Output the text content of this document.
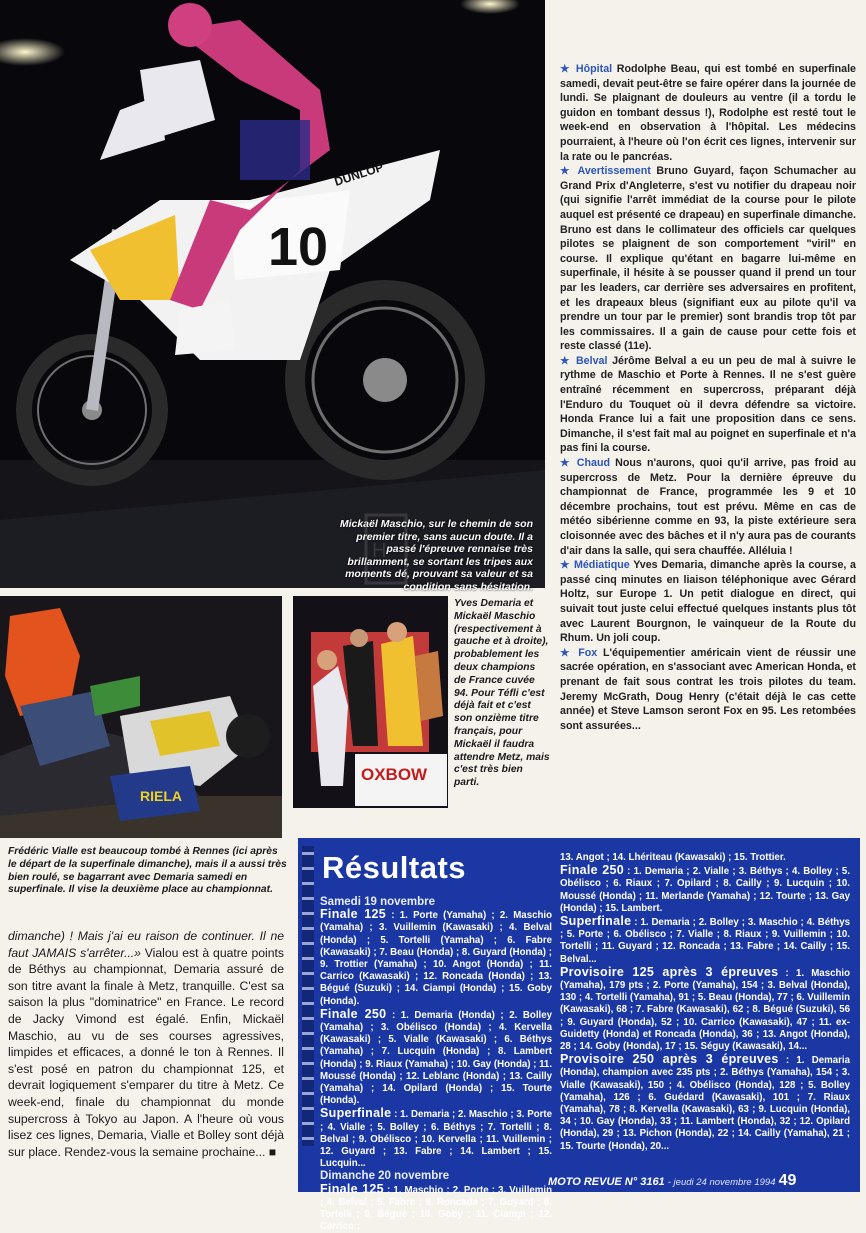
10
DUNLOP
Mickaël Maschio, sur le chemin de son premier titre, sans aucun doute. Il a passé l'épreuve rennaise très brillamment, se sortant les tripes aux moments dé, prouvant sa valeur et sa condition sans hésitation.
H
RIELA
OXBOW
Yves Demaria et Mickaël Maschio (respectivement à gauche et à droite), probablement les deux champions de France cuvée 94. Pour Téfli c'est déjà fait et c'est son onzième titre français, pour Mickaël il faudra attendre Metz, mais c'est très bien parti.
Frédéric Vialle est beaucoup tombé à Rennes (ici après le départ de la superfinale dimanche), mais il a aussi très bien roulé, se bagarrant avec Demaria samedi en superfinale. Il vise la deuxième place au championnat.

★ Hôpital Rodolphe Beau, qui est tombé en superfinale samedi, devait peut-être se faire opérer dans la journée de lundi. Se plaignant de douleurs au ventre (il a tordu le guidon en tombant dessus !), Rodolphe est resté tout le week-end en observation à l'hôpital. Les médecins pourraient, à l'heure où l'on écrit ces lignes, intervenir sur la rate ou le pancréas.

★ Avertissement Bruno Guyard, façon Schumacher au Grand Prix d'Angleterre, s'est vu notifier du drapeau noir (qui signifie l'arrêt immédiat de la course pour le pilote auquel est présenté ce drapeau) en superfinale dimanche. Bruno est dans le collimateur des officiels car quelques pilotes se plaignent de son comportement "viril" en course. Il explique qu'étant en bagarre lui-même en superfinale, il hésite à se pousser quand il prend un tour par les leaders, car derrière ses adversaires en profitent, et les drapeaux bleus (signifiant eux au pilote qu'il va prendre un tour par le premier) sont brandis trop tôt par les commissaires. Il a gain de cause pour cette fois et reste classé (11e).

★ Belval Jérôme Belval a eu un peu de mal à suivre le rythme de Maschio et Porte à Rennes. Il ne s'est guère entraîné récemment en supercross, préparant déjà l'Enduro du Touquet où il devra défendre sa victoire. Honda France lui a fait une proposition dans ce sens. Dimanche, il s'est fait mal au poignet en superfinale et n'a pas fini la course.

★ Chaud Nous n'aurons, quoi qu'il arrive, pas froid au supercross de Metz. Pour la dernière épreuve du championnat de France, programmée les 9 et 10 décembre prochains, tout est prévu. Même en cas de météo sibérienne comme en 93, la piste extérieure sera cloisonnée avec des bâches et il n'y aura pas de courants d'air dans la salle, qui sera chauffée. Alléluia !

★ Médiatique Yves Demaria, dimanche après la course, a passé cinq minutes en liaison téléphonique avec Gérard Holtz, sur Europe 1. Un petit dialogue en direct, qui suivait tout juste celui effectué quelques instants plus tôt avec Laurent Bourgnon, le vainqueur de la Route du Rhum. Un joli coup.

★ Fox L'équipementier américain vient de réussir une sacrée opération, en s'associant avec American Honda, et prenant de fait sous contrat les trois pilotes du team. Jeremy McGrath, Doug Henry (c'était déjà le cas cette année) et Steve Lamson seront Fox en 95. Les retombées sont assurées...

dimanche) ! Mais j'ai eu raison de continuer. Il ne faut JAMAIS s'arrêter...» Vialou est à quatre points de Béthys au championnat, Demaria assuré de son titre avant la finale à Metz, tranquille. C'est sa saison la plus "dominatrice" en France. Le record de Jacky Vimond est égalé. Enfin, Mickaël Maschio, au vu de ses courses agressives, limpides et efficaces, a donné le ton à Rennes. Il s'est posé en patron du championnat 125, et devrait logiquement s'emparer du titre à Metz. Ce week-end, finale du championnat du monde supercross à Tokyo au Japon. A l'heure où vous lisez ces lignes, Demaria, Vialle et Bolley sont déjà sur place. Rendez-vous la semaine prochaine... ■
Résultats
Samedi 19 novembre
Finale 125 : 1. Porte (Yamaha) ; 2. Maschio (Yamaha) ; 3. Vuillemin (Kawasaki) ; 4. Belval (Honda) ; 5. Tortelli (Yamaha) ; 6. Fabre (Kawasaki) ; 7. Beau (Honda) ; 8. Guyard (Honda) ; 9. Trottier (Yamaha) ; 10. Angot (Honda) ; 11. Carrico (Kawasaki) ; 12. Roncada (Honda) ; 13. Bégué (Suzuki) ; 14. Ciampi (Honda) ; 15. Goby (Honda).
Finale 250 : 1. Demaria (Honda) ; 2. Bolley (Yamaha) ; 3. Obélisco (Honda) ; 4. Kervella (Kawasaki) ; 5. Vialle (Kawasaki) ; 6. Béthys (Yamaha) ; 7. Lucquin (Honda) ; 8. Lambert (Honda) ; 9. Riaux (Yamaha) ; 10. Gay (Honda) ; 11. Moussé (Honda) ; 12. Leblanc (Honda) ; 13. Cailly (Yamaha) ; 14. Opilard (Honda) ; 15. Tourte (Honda).
Superfinale : 1. Demaria ; 2. Maschio ; 3. Porte ; 4. Vialle ; 5. Bolley ; 6. Béthys ; 7. Tortelli ; 8. Belval ; 9. Obélisco ; 10. Kervella ; 11. Vuillemin ; 12. Guyard ; 13. Fabre ; 14. Lambert ; 15. Lucquin...
Dimanche 20 novembre
Finale 125 : 1. Maschio ; 2. Porte ; 3. Vuillemin ; 4. Belval ; 5. Fabre ; 6. Roncada ; 7. Guyard ; 8. Tortelli ; 9. Bégué ; 10. Goby ; 11. Ciampi ; 12. Carrico ;
13. Angot ; 14. Lhériteau (Kawasaki) ; 15. Trottier.
Finale 250 : 1. Demaria ; 2. Vialle ; 3. Béthys ; 4. Bolley ; 5. Obélisco ; 6. Riaux ; 7. Opilard ; 8. Cailly ; 9. Lucquin ; 10. Moussé (Honda) ; 11. Merlande (Yamaha) ; 12. Tourte ; 13. Gay (Honda) ; 15. Lambert.
Superfinale : 1. Demaria ; 2. Bolley ; 3. Maschio ; 4. Béthys ; 5. Porte ; 6. Obélisco ; 7. Vialle ; 8. Riaux ; 9. Vuillemin ; 10. Tortelli ; 11. Guyard ; 12. Roncada ; 13. Fabre ; 14. Cailly ; 15. Belval...
Provisoire 125 après 3 épreuves : 1. Maschio (Yamaha), 179 pts ; 2. Porte (Yamaha), 154 ; 3. Belval (Honda), 130 ; 4. Tortelli (Yamaha), 91 ; 5. Beau (Honda), 77 ; 6. Vuillemin (Kawasaki), 68 ; 7. Fabre (Kawasaki), 62 ; 8. Bégué (Suzuki), 56 ; 9. Guyard (Honda), 52 ; 10. Carrico (Kawasaki), 47 ; 11. ex-Guidetty (Honda) et Roncada (Honda), 36 ; 13. Angot (Honda), 28 ; 14. Goby (Honda), 17 ; 15. Séguy (Kawasaki), 14...
Provisoire 250 après 3 épreuves : 1. Demaria (Honda), champion avec 235 pts ; 2. Béthys (Yamaha), 154 ; 3. Vialle (Kawasaki), 150 ; 4. Obélisco (Honda), 128 ; 5. Bolley (Yamaha), 126 ; 6. Guédard (Kawasaki), 101 ; 7. Riaux (Yamaha), 78 ; 8. Kervella (Kawasaki), 63 ; 9. Lucquin (Honda), 34 ; 10. Gay (Honda), 33 ; 11. Lambert (Honda), 32 ; 12. Opilard (Honda), 29 ; 13. Pichon (Honda), 22 ; 14. Cailly (Yamaha), 21 ; 15. Tourte (Honda), 20...
MOTO REVUE N° 3161 - jeudi 24 novembre 1994 49
